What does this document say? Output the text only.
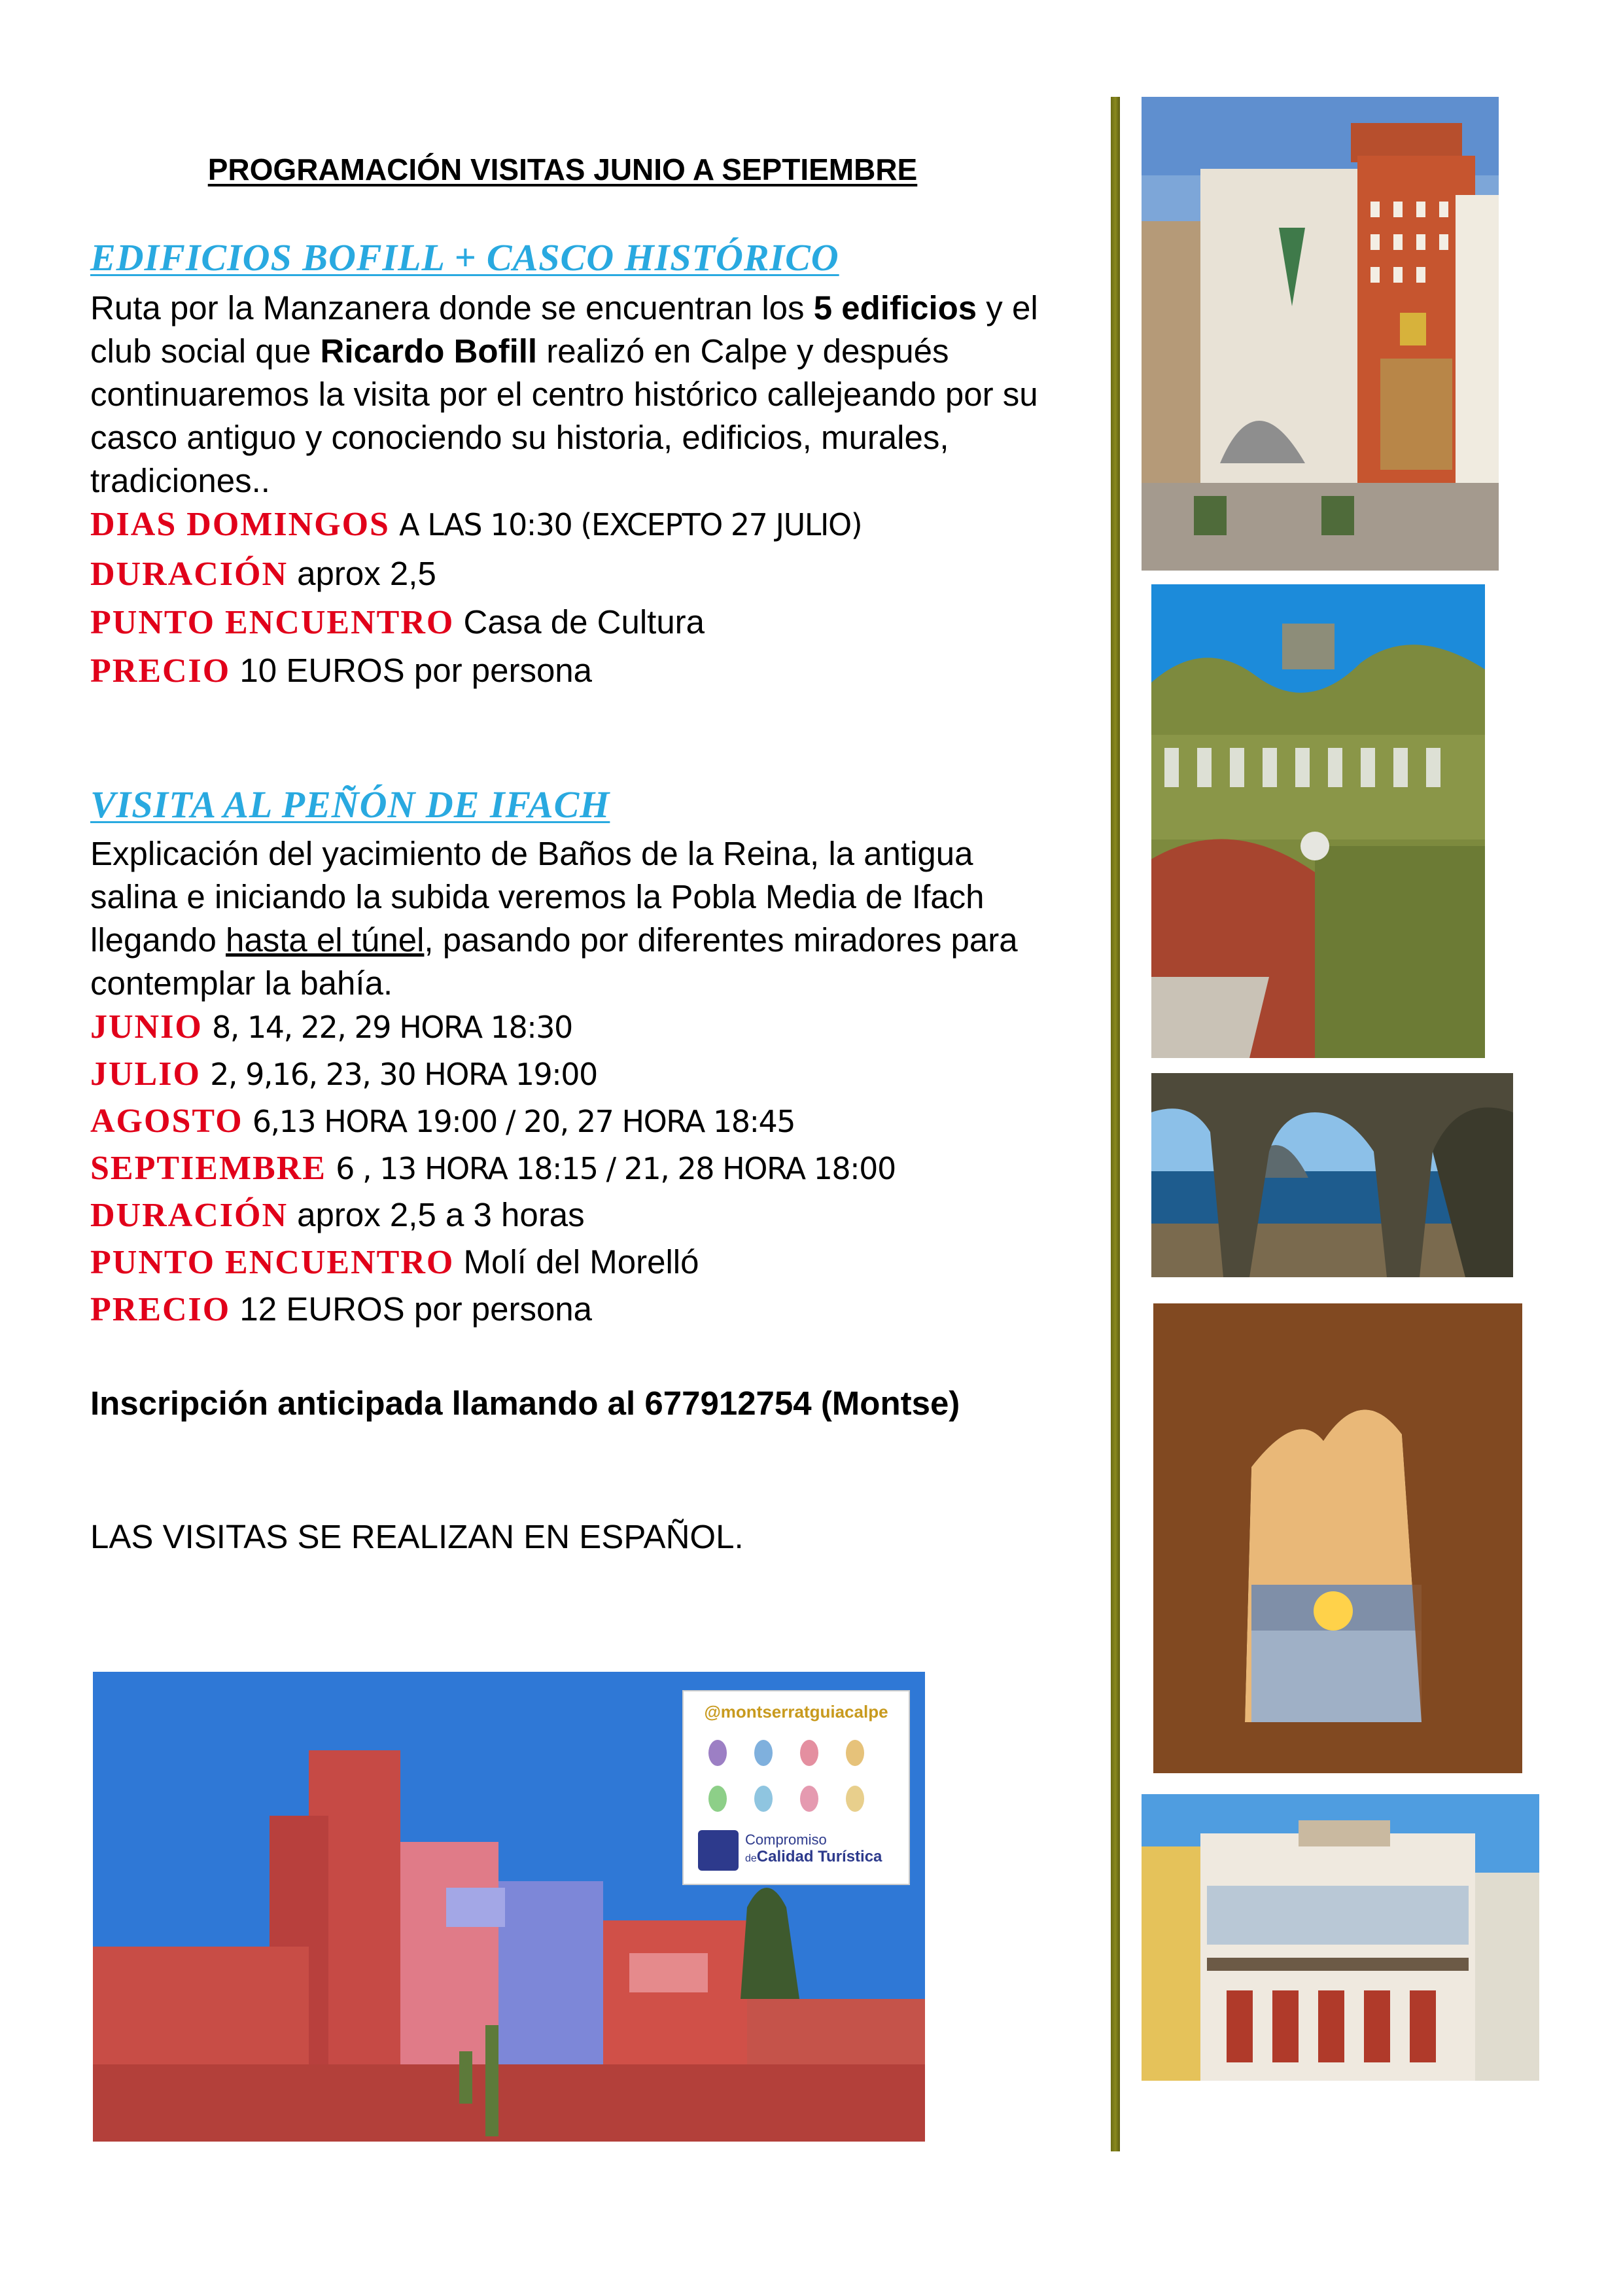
PROGRAMACIÓN VISITAS JUNIO A SEPTIEMBRE
EDIFICIOS BOFILL + CASCO HISTÓRICO
Ruta por la Manzanera donde se encuentran los 5 edificios y el club social que Ricardo Bofill realizó en Calpe y después continuaremos la visita por el centro histórico callejeando por su casco antiguo y conociendo su historia, edificios, murales, tradiciones..
DIAS DOMINGOS A LAS 10:30 (EXCEPTO 27 JULIO)
DURACIÓN aprox 2,5
PUNTO ENCUENTRO Casa de Cultura
PRECIO 10 EUROS por persona
VISITA AL PEÑÓN DE IFACH
Explicación del yacimiento de Baños de la Reina, la antigua salina e iniciando la subida veremos la Pobla Media de Ifach llegando hasta el túnel, pasando por diferentes miradores para contemplar la bahía.
JUNIO 8, 14, 22, 29 HORA 18:30
JULIO 2, 9,16, 23, 30 HORA 19:00
AGOSTO 6,13 HORA 19:00 / 20, 27 HORA 18:45
SEPTIEMBRE 6 , 13 HORA 18:15 / 21, 28 HORA 18:00
DURACIÓN aprox 2,5 a 3 horas
PUNTO ENCUENTRO Molí del Morelló
PRECIO 12 EUROS por persona
Inscripción anticipada llamando al 677912754 (Montse)
LAS VISITAS SE REALIZAN EN ESPAÑOL.
@montserratguiacalpe
Compromiso
deCalidad Turística
